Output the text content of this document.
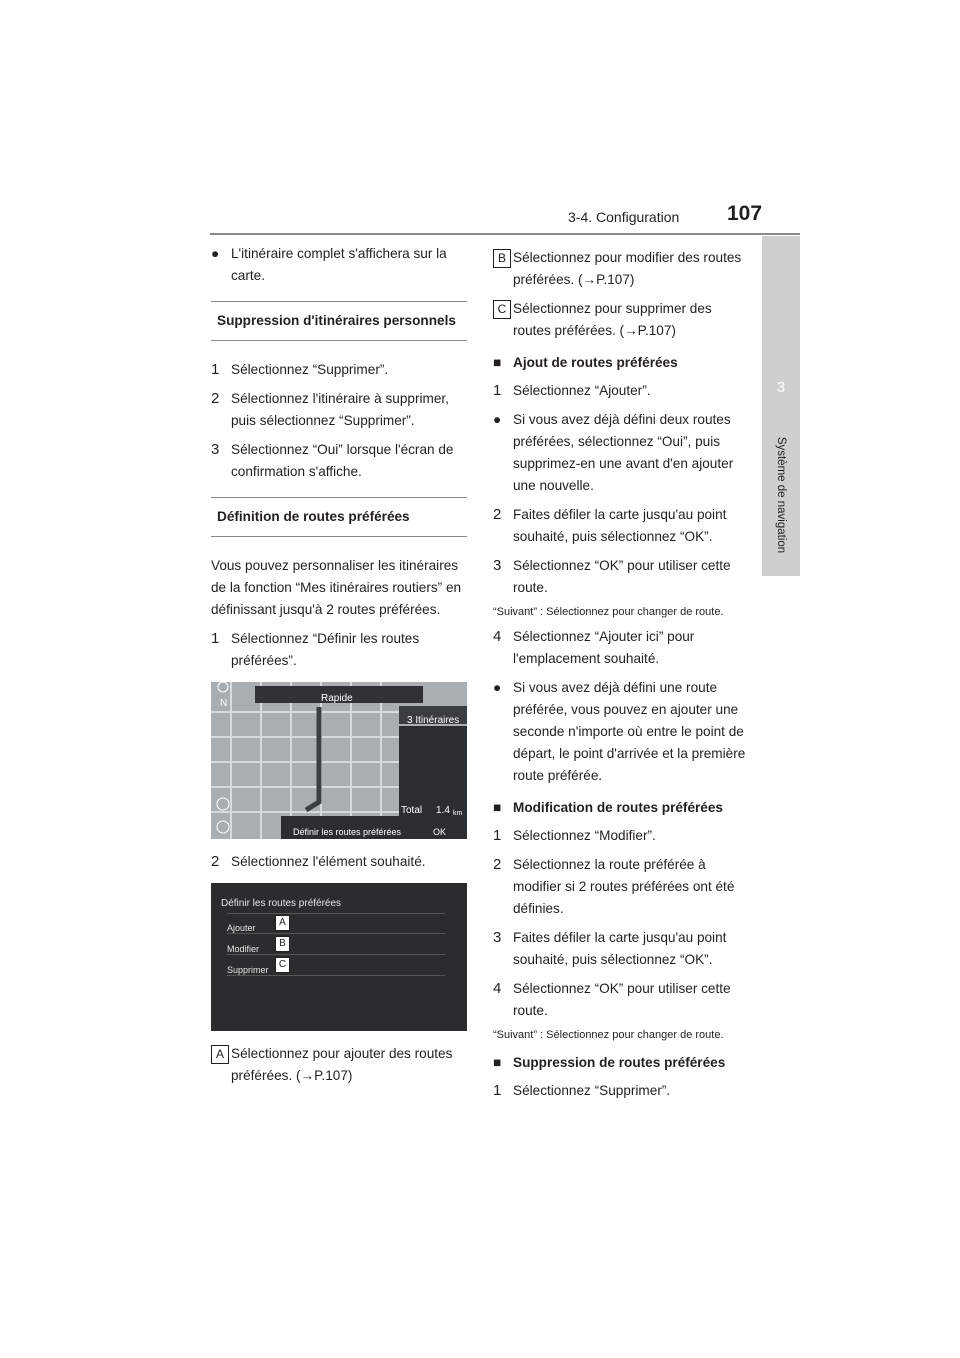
3-4. Configuration 107
3
Système de navigation

● L'itinéraire complet s'affichera sur la carte.

Suppression d'itinéraires personnels

1 Sélectionnez “Supprimer”.

2 Sélectionnez l'itinéraire à supprimer, puis sélectionnez “Supprimer”.

3 Sélectionnez “Oui” lorsque l'écran de confirmation s'affiche.

Définition de routes préférées

Vous pouvez personnaliser les itinéraires de la fonction “Mes itinéraires routiers” en définissant jusqu'à 2 routes préférées.

1 Sélectionnez “Définir les routes préférées”.

N	Rapide
3 Itinéraires
Total 1.4 km
Définir les routes préférées	OK

2 Sélectionnez l'élément souhaité.

Définir les routes préférées
Ajouter	A
Modifier	B
Supprimer	C

A Sélectionnez pour ajouter des routes préférées. (→P.107)

B Sélectionnez pour modifier des routes préférées. (→P.107)

C Sélectionnez pour supprimer des routes préférées. (→P.107)

■ Ajout de routes préférées

1 Sélectionnez “Ajouter”.

● Si vous avez déjà défini deux routes préférées, sélectionnez “Oui”, puis supprimez-en une avant d'en ajouter une nouvelle.

2 Faites défiler la carte jusqu'au point souhaité, puis sélectionnez “OK”.

3 Sélectionnez “OK” pour utiliser cette route.

“Suivant” : Sélectionnez pour changer de route.

4 Sélectionnez “Ajouter ici” pour l'emplacement souhaité.

● Si vous avez déjà défini une route préférée, vous pouvez en ajouter une seconde n'importe où entre le point de départ, le point d'arrivée et la première route préférée.

■ Modification de routes préférées

1 Sélectionnez “Modifier”.

2 Sélectionnez la route préférée à modifier si 2 routes préférées ont été définies.

3 Faites défiler la carte jusqu'au point souhaité, puis sélectionnez “OK”.

4 Sélectionnez “OK” pour utiliser cette route.

“Suivant” : Sélectionnez pour changer de route.

■ Suppression de routes préférées

1 Sélectionnez “Supprimer”.
